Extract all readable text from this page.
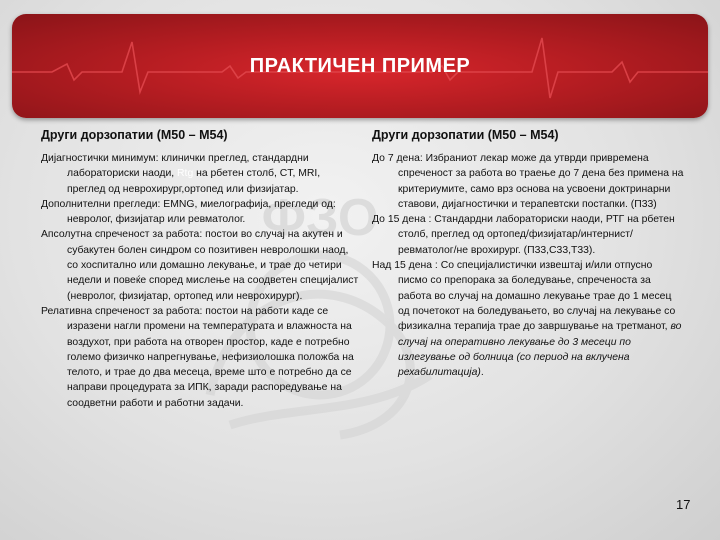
ФЗО
ПРАКТИЧЕН ПРИМЕР
Други дорзопатии (M50 – M54)
Дијагностички минимум: клинички преглед, стандардни лабораториски наоди, Rtg на рбетен столб, CT, MRI, преглед од неврохирург,ортопед или физијатар.
Дополнителни прегледи: EMNG, миелографија, прегледи од: невролог, физијатар или ревматолог.
Апсолутна спреченост за работа: постои во случај на акутен и субакутен болен синдром со позитивен невролошки наод, со хоспитално или домашно лекување, и трае до четири недели и повеќе според мислење на соодветен специјалист (невролог, физијатар, ортопед или неврохирург).
Релативна спреченост за работа: постои на работи каде се изразени нагли промени на температурата и влажноста на воздухот, при работа на отворен простор, каде е потребно големо физичко напрегнување, нефизиолошка положба на телото, и трае до два месеца, време што е потребно да се направи процедурата за ИПК, заради распоредување на соодветни работи и работни задачи.
Други дорзопатии (M50 – M54)
До 7 дена: Избраниот лекар може да утврди привремена спреченост за работа во траење до 7 дена без примена на критериумите, само врз основа на усвоени доктринарни ставови, дијагностички и терапевтски постапки. (П33)
До 15 дена : Стандардни лабораториски наоди, РТГ на рбетен столб, преглед од ортопед/физијатар/интернист/ревматолог/не врохирург. (П33,С33,Т33).
Над 15 дена : Со специјалистички извештај и/или отпусно писмо со препорака за боледување, спреченоста за работа во случај на домашно лекување трае до 1 месец од почетокот на боледувањето, во случај на лекување со физикална терапија трае до завршување на третманот, во случај на оперативно лекување до 3 месеци по излегување од болница (со период на вклучена рехабилитација).
17
